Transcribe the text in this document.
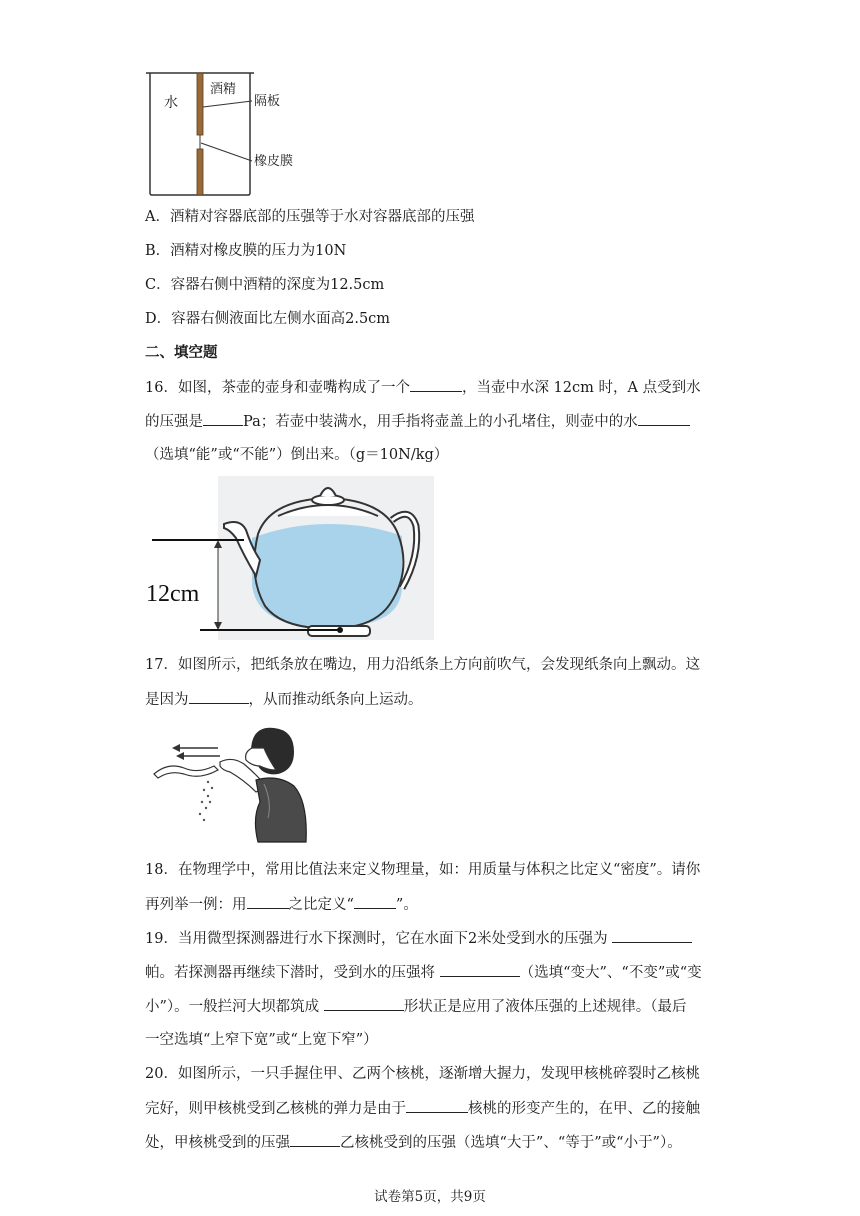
水
酒精
隔板
橡皮膜
A．酒精对容器底部的压强等于水对容器底部的压强
B．酒精对橡皮膜的压力为10N
C．容器右侧中酒精的深度为12.5cm
D．容器右侧液面比左侧水面高2.5cm
二、填空题
16．如图，茶壶的壶身和壶嘴构成了一个	，当壶中水深 12cm 时，A 点受到水
的压强是	Pa；若壶中装满水，用手指将壶盖上的小孔堵住，则壶中的水
（选填“能”或“不能”）倒出来。（g＝10N/kg）
12cm
17．如图所示，把纸条放在嘴边，用力沿纸条上方向前吹气，会发现纸条向上飘动。这
是因为	，从而推动纸条向上运动。
18．在物理学中，常用比值法来定义物理量，如：用质量与体积之比定义“密度”。请你
再列举一例：用	之比定义“	”。
19．当用微型探测器进行水下探测时，它在水面下2米处受到水的压强为
帕。若探测器再继续下潜时，受到水的压强将	（选填“变大”、“不变”或“变
小”）。一般拦河大坝都筑成	形状正是应用了液体压强的上述规律。（最后
一空选填“上窄下宽”或“上宽下窄”）
20．如图所示，一只手握住甲、乙两个核桃，逐渐增大握力，发现甲核桃碎裂时乙核桃
完好，则甲核桃受到乙核桃的弹力是由于	核桃的形变产生的，在甲、乙的接触
处，甲核桃受到的压强	乙核桃受到的压强（选填“大于”、“等于”或“小于”）。
试卷第5页，共9页
